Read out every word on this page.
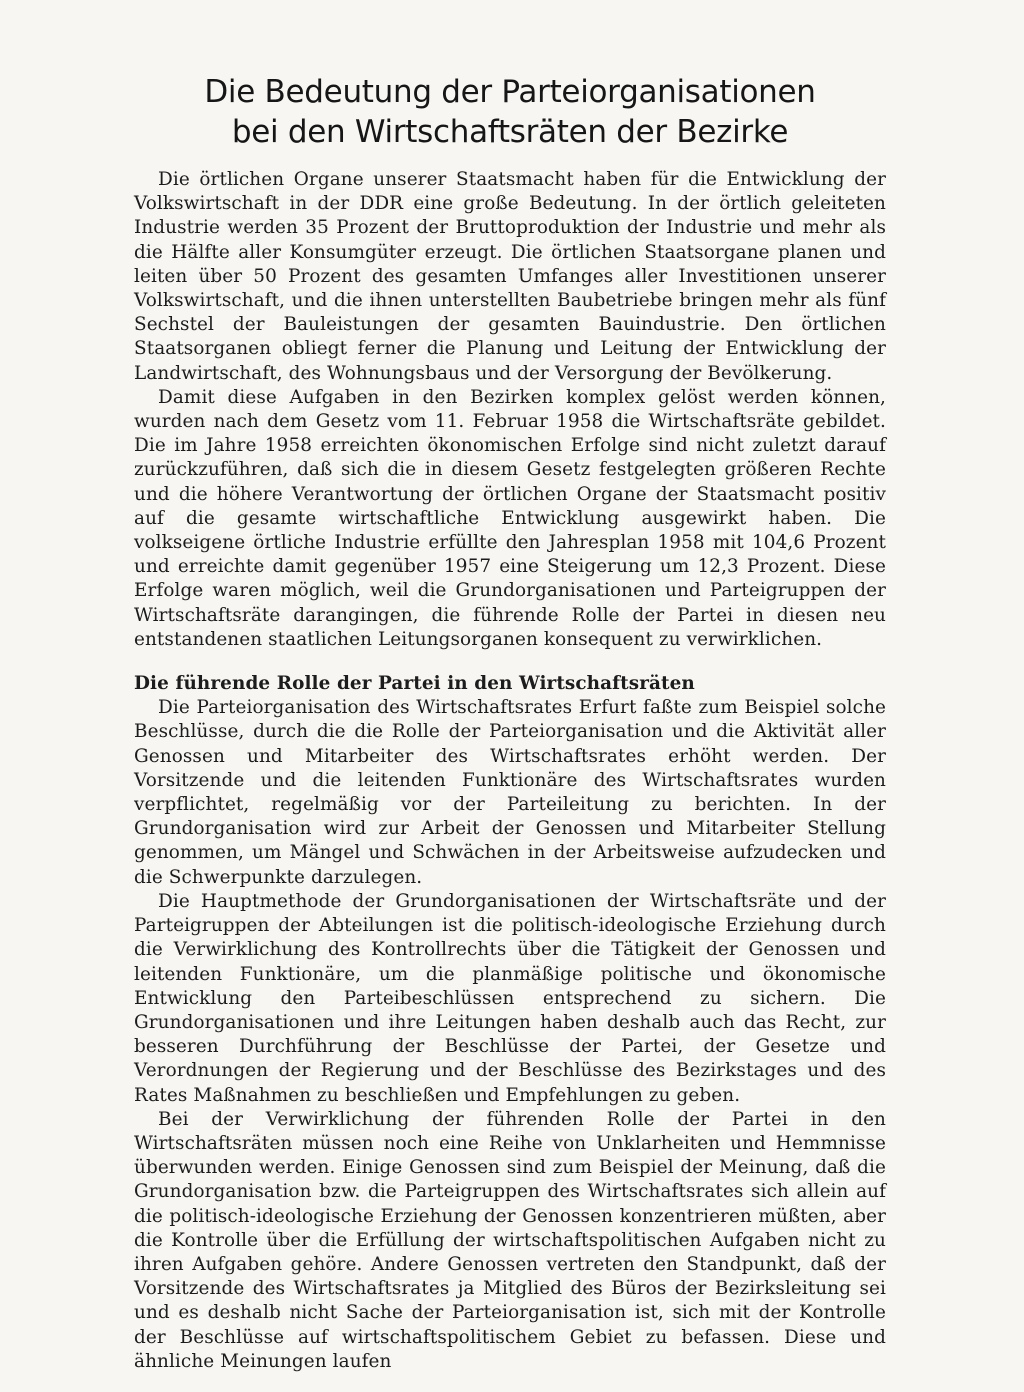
Die Bedeutung der Parteiorganisationen
bei den Wirtschaftsräten der Bezirke

Die örtlichen Organe unserer Staatsmacht haben für die Entwicklung der Volkswirtschaft in der DDR eine große Bedeutung. In der örtlich geleiteten Industrie werden 35 Prozent der Bruttoproduktion der Industrie und mehr als die Hälfte aller Konsumgüter erzeugt. Die örtlichen Staatsorgane planen und leiten über 50 Prozent des gesamten Umfanges aller Investitionen unserer Volkswirtschaft, und die ihnen unterstellten Baubetriebe bringen mehr als fünf Sechstel der Bauleistungen der gesamten Bauindustrie. Den örtlichen Staatsorganen obliegt ferner die Planung und Leitung der Entwicklung der Landwirtschaft, des Wohnungsbaus und der Versorgung der Bevölkerung.

Damit diese Aufgaben in den Bezirken komplex gelöst werden können, wurden nach dem Gesetz vom 11. Februar 1958 die Wirtschaftsräte gebildet. Die im Jahre 1958 erreichten ökonomischen Erfolge sind nicht zuletzt darauf zurückzuführen, daß sich die in diesem Gesetz festgelegten größeren Rechte und die höhere Verantwortung der örtlichen Organe der Staatsmacht positiv auf die gesamte wirtschaftliche Entwicklung ausgewirkt haben. Die volkseigene örtliche Industrie erfüllte den Jahresplan 1958 mit 104,6 Prozent und erreichte damit gegenüber 1957 eine Steigerung um 12,3 Prozent. Diese Erfolge waren möglich, weil die Grundorganisationen und Parteigruppen der Wirtschaftsräte darangingen, die führende Rolle der Partei in diesen neu entstandenen staatlichen Leitungsorganen konsequent zu verwirklichen.

Die führende Rolle der Partei in den Wirtschaftsräten

Die Parteiorganisation des Wirtschaftsrates Erfurt faßte zum Beispiel solche Beschlüsse, durch die die Rolle der Parteiorganisation und die Aktivität aller Genossen und Mitarbeiter des Wirtschaftsrates erhöht werden. Der Vorsitzende und die leitenden Funktionäre des Wirtschaftsrates wurden verpflichtet, regelmäßig vor der Parteileitung zu berichten. In der Grundorganisation wird zur Arbeit der Genossen und Mitarbeiter Stellung genommen, um Mängel und Schwächen in der Arbeitsweise aufzudecken und die Schwerpunkte darzulegen.

Die Hauptmethode der Grundorganisationen der Wirtschaftsräte und der Parteigruppen der Abteilungen ist die politisch-ideologische Erziehung durch die Verwirklichung des Kontrollrechts über die Tätigkeit der Genossen und leitenden Funktionäre, um die planmäßige politische und ökonomische Entwicklung den Parteibeschlüssen entsprechend zu sichern. Die Grundorganisationen und ihre Leitungen haben deshalb auch das Recht, zur besseren Durchführung der Beschlüsse der Partei, der Gesetze und Verordnungen der Regierung und der Beschlüsse des Bezirkstages und des Rates Maßnahmen zu beschließen und Empfehlungen zu geben.

Bei der Verwirklichung der führenden Rolle der Partei in den Wirtschaftsräten müssen noch eine Reihe von Unklarheiten und Hemmnisse überwunden werden. Einige Genossen sind zum Beispiel der Meinung, daß die Grundorganisation bzw. die Parteigruppen des Wirtschaftsrates sich allein auf die politisch-ideologische Erziehung der Genossen konzentrieren müßten, aber die Kontrolle über die Erfüllung der wirtschaftspolitischen Aufgaben nicht zu ihren Aufgaben gehöre. Andere Genossen vertreten den Standpunkt, daß der Vorsitzende des Wirtschaftsrates ja Mitglied des Büros der Bezirksleitung sei und es deshalb nicht Sache der Parteiorganisation ist, sich mit der Kontrolle der Beschlüsse auf wirtschaftspolitischem Gebiet zu befassen. Diese und ähnliche Meinungen laufen
